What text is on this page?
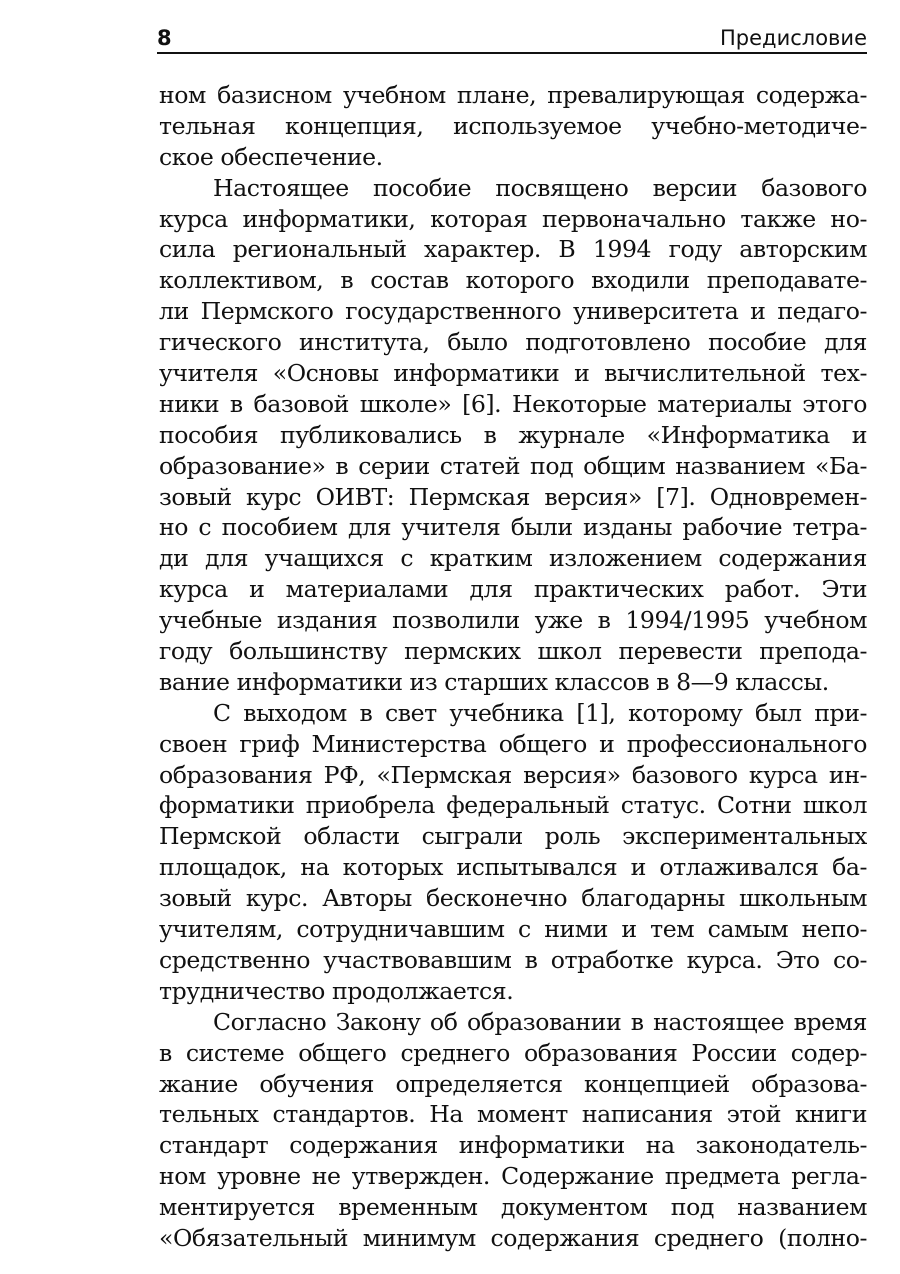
8	Предисловие
ном базисном учебном плане, превалирующая содержа-
тельная концепция, используемое учебно-методиче-
ское обеспечение.
Настоящее пособие посвящено версии базового
курса информатики, которая первоначально также но-
сила региональный характер. В 1994 году авторским
коллективом, в состав которого входили преподавате-
ли Пермского государственного университета и педаго-
гического института, было подготовлено пособие для
учителя «Основы информатики и вычислительной тех-
ники в базовой школе» [6]. Некоторые материалы этого
пособия публиковались в журнале «Информатика и
образование» в серии статей под общим названием «Ба-
зовый курс ОИВТ: Пермская версия» [7]. Одновремен-
но с пособием для учителя были изданы рабочие тетра-
ди для учащихся с кратким изложением содержания
курса и материалами для практических работ. Эти
учебные издания позволили уже в 1994/1995 учебном
году большинству пермских школ перевести препода-
вание информатики из старших классов в 8—9 классы.
С выходом в свет учебника [1], которому был при-
своен гриф Министерства общего и профессионального
образования РФ, «Пермская версия» базового курса ин-
форматики приобрела федеральный статус. Сотни школ
Пермской области сыграли роль экспериментальных
площадок, на которых испытывался и отлаживался ба-
зовый курс. Авторы бесконечно благодарны школьным
учителям, сотрудничавшим с ними и тем самым непо-
средственно участвовавшим в отработке курса. Это со-
трудничество продолжается.
Согласно Закону об образовании в настоящее время
в системе общего среднего образования России содер-
жание обучения определяется концепцией образова-
тельных стандартов. На момент написания этой книги
стандарт содержания информатики на законодатель-
ном уровне не утвержден. Содержание предмета регла-
ментируется временным документом под названием
«Обязательный минимум содержания среднего (полно-
